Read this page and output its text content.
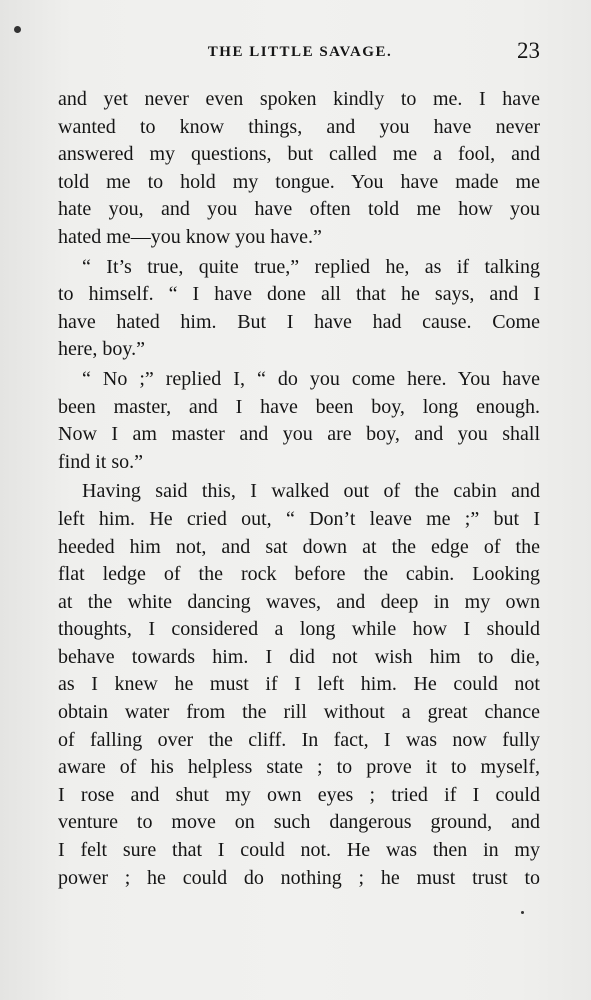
THE LITTLE SAVAGE.	23
and yet never even spoken kindly to me. I have
wanted to know things, and you have never
answered my questions, but called me a fool, and
told me to hold my tongue. You have made me
hate you, and you have often told me how you
hated me—you know you have.”
“ It’s true, quite true,” replied he, as if talking
to himself. “ I have done all that he says, and I
have hated him. But I have had cause. Come
here, boy.”
“ No ;” replied I, “ do you come here. You have
been master, and I have been boy, long enough.
Now I am master and you are boy, and you shall
find it so.”
Having said this, I walked out of the cabin and
left him. He cried out, “ Don’t leave me ;” but I
heeded him not, and sat down at the edge of the
flat ledge of the rock before the cabin. Looking
at the white dancing waves, and deep in my own
thoughts, I considered a long while how I should
behave towards him. I did not wish him to die,
as I knew he must if I left him. He could not
obtain water from the rill without a great chance
of falling over the cliff. In fact, I was now fully
aware of his helpless state ; to prove it to myself,
I rose and shut my own eyes ; tried if I could
venture to move on such dangerous ground, and
I felt sure that I could not. He was then in my
power ; he could do nothing ; he must trust to
